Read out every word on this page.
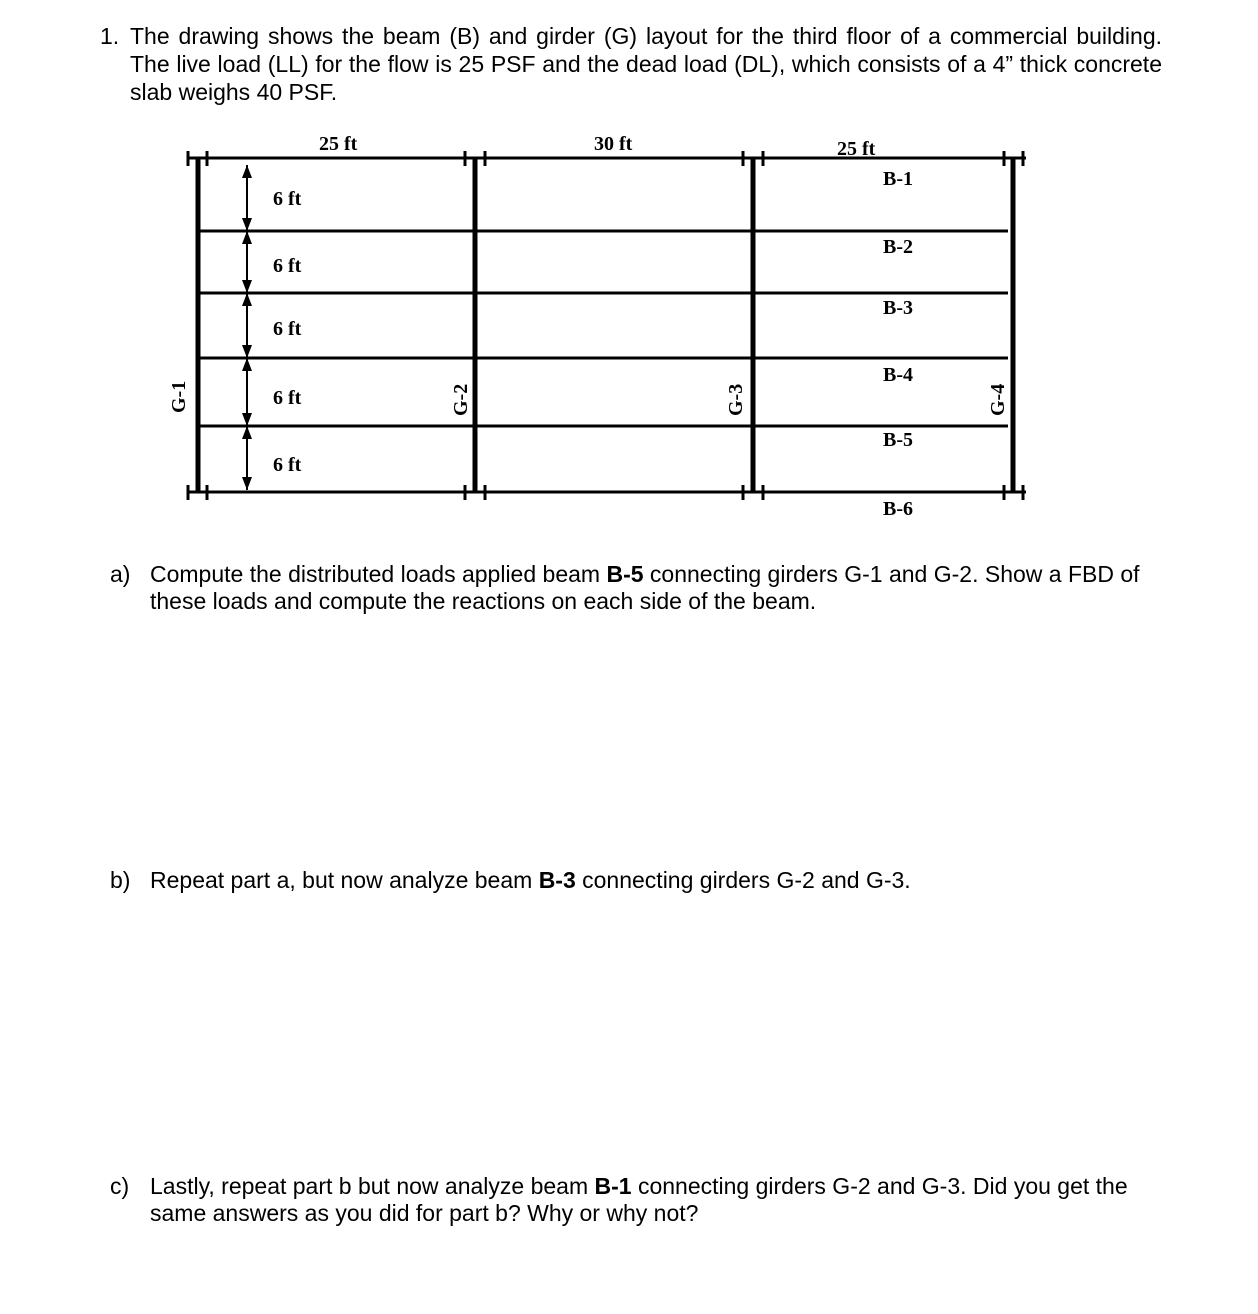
1. The drawing shows the beam (B) and girder (G) layout for the third floor of a commercial building. The live load (LL) for the flow is 25 PSF and the dead load (DL), which consists of a 4” thick concrete slab weighs 40 PSF.
25 ft	30 ft	25 ft
6 ft
6 ft
6 ft
6 ft
6 ft
B-1
B-2
B-3
B-4
B-5
B-6
G-1	G-2	G-3	G-4
a) Compute the distributed loads applied beam B-5 connecting girders G-1 and G-2. Show a FBD of these loads and compute the reactions on each side of the beam.
b) Repeat part a, but now analyze beam B-3 connecting girders G-2 and G-3.
c) Lastly, repeat part b but now analyze beam B-1 connecting girders G-2 and G-3. Did you get the same answers as you did for part b? Why or why not?
